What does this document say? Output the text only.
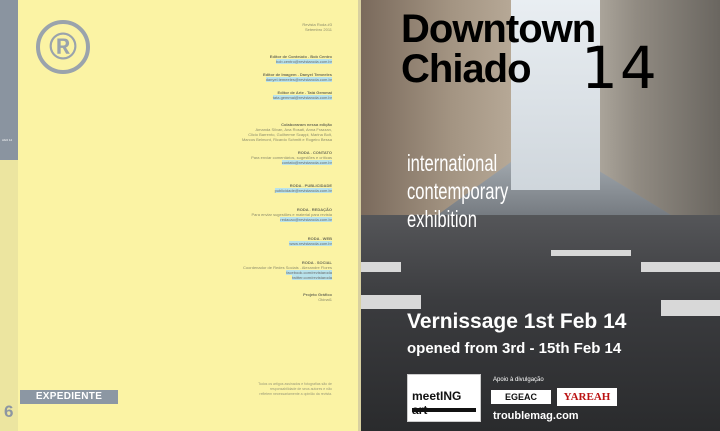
Abril 12
®
Revista Roda #3
Setembro 2011
Editor de Conteúdo . Bob Centro
bob.centro@revistaroda.com.br
Editor de Imagem . Danyel Temeeles
danyel.temeeles@revistaroda.com.br
Editor de Arte . Tatá Gemmai
tata.gemmai@revistaroda.com.br
Colaboraram nessa edição
Amanda Silvan, Ana Rosati, Anna Frazzan,
Clicio Barrento, Guilherme Scappi, Marina Bolt,
Marcos Belmont, Ricardo Schmitt e Rogeiro Bessa
RODA . CONTATO
Para enviar comentários, sugestões e críticas
contato@revistaroda.com.br
RODA . PUBLICIDADE
publicidade@revistaroda.com.br
RODA . REDAÇÃO
Para enviar sugestões e material para revista
redacao@revistaroda.com.br
RODA . WEB
www.revistaroda.com.br
RODA . SOCIAL
Coordenador de Redes Sociais . Alexandre Flores
facebook.com/revistaroda
twitter.com/revistaroda
Projeto Gráfico
Okinat1
Todos os artigos assinados e fotografias são de
responsabilidade de seus autores e não
refletem necessariamente a opinião da revista.
EXPEDIENTE
6
Downtown
Chiado 14
international
contemporary
exhibition
Vernissage 1st Feb 14
opened from 3rd - 15th Feb 14
meetING
Apoio à divulgação
EGEAC	YAREAH
troublemag.com
